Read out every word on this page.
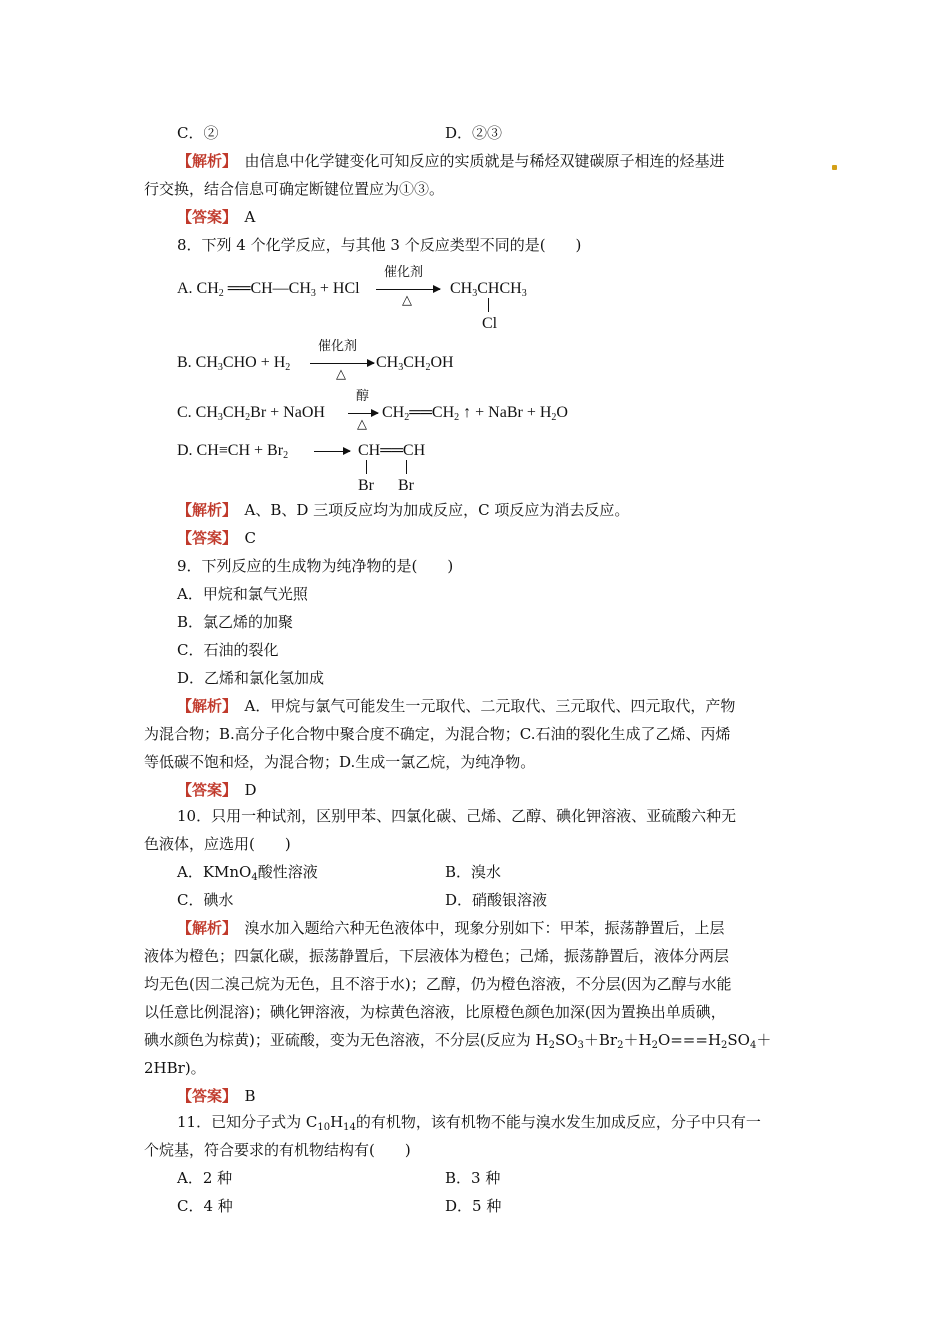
C．②	D．②③
【解析】　 由信息中化学键变化可知反应的实质就是与稀烃双键碳原子相连的烃基进
行交换，结合信息可确定断键位置应为①③。
【答案】　 A
8．下列 4 个化学反应，与其他 3 个反应类型不同的是(　　)
A. CH2 ══CH—CH3 + HCl
催化剂
△
CH3CHCH3
Cl
B. CH3CHO + H2
催化剂
△
CH3CH2OH
C. CH3CH2Br + NaOH
醇
△
CH2══CH2 ↑ + NaBr + H2O
D. CH≡CH + Br2 → CH══CH
Br Br
【解析】　 A、B、D 三项反应均为加成反应，C 项反应为消去反应。
【答案】　 C
9．下列反应的生成物为纯净物的是(　　)
A．甲烷和氯气光照
B．氯乙烯的加聚
C．石油的裂化
D．乙烯和氯化氢加成
【解析】　 A．甲烷与氯气可能发生一元取代、二元取代、三元取代、四元取代，产物
为混合物；B.高分子化合物中聚合度不确定，为混合物；C.石油的裂化生成了乙烯、丙烯
等低碳不饱和烃，为混合物；D.生成一氯乙烷，为纯净物。
【答案】　 D
10．只用一种试剂，区别甲苯、四氯化碳、己烯、乙醇、碘化钾溶液、亚硫酸六种无
色液体，应选用(　　)
A．KMnO$_4$酸性溶液	B．溴水
C．碘水	D．硝酸银溶液
【解析】　 溴水加入题给六种无色液体中，现象分别如下：甲苯，振荡静置后，上层
液体为橙色；四氯化碳，振荡静置后，下层液体为橙色；己烯，振荡静置后，液体分两层
均无色(因二溴己烷为无色，且不溶于水)；乙醇，仍为橙色溶液，不分层(因为乙醇与水能
以任意比例混溶)；碘化钾溶液，为棕黄色溶液，比原橙色颜色加深(因为置换出单质碘，
碘水颜色为棕黄)；亚硫酸，变为无色溶液，不分层(反应为 $H_2SO_3+Br_2+H_2O===H_2SO_4+$
2HBr)。
【答案】　 B
11．已知分子式为 $C_{10}H_{14}$的有机物，该有机物不能与溴水发生加成反应，分子中只有一
个烷基，符合要求的有机物结构有(　　)
A．2 种	B．3 种
C．4 种	D．5 种
